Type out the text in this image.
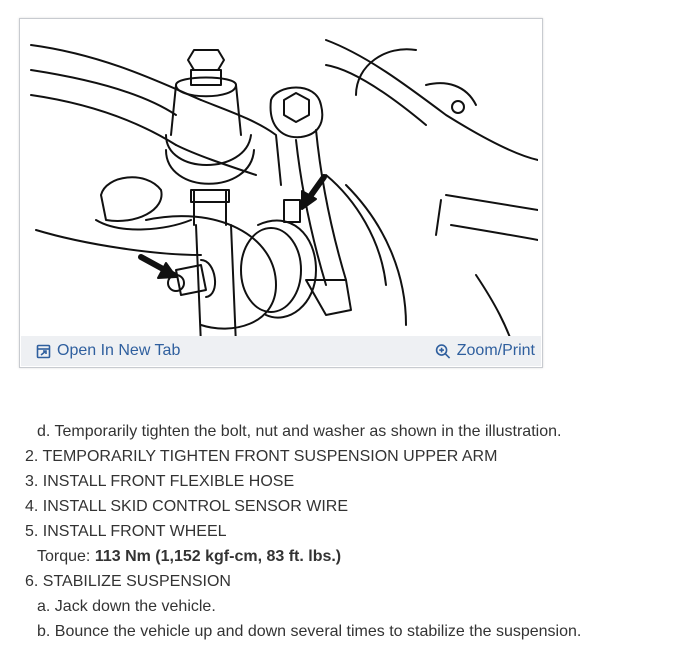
Open In New Tab	Zoom/Print
d. Temporarily tighten the bolt, nut and washer as shown in the illustration.
2. TEMPORARILY TIGHTEN FRONT SUSPENSION UPPER ARM
3. INSTALL FRONT FLEXIBLE HOSE
4. INSTALL SKID CONTROL SENSOR WIRE
5. INSTALL FRONT WHEEL
Torque: 113 Nm (1,152 kgf-cm, 83 ft. lbs.)
6. STABILIZE SUSPENSION
a. Jack down the vehicle.
b. Bounce the vehicle up and down several times to stabilize the suspension.
